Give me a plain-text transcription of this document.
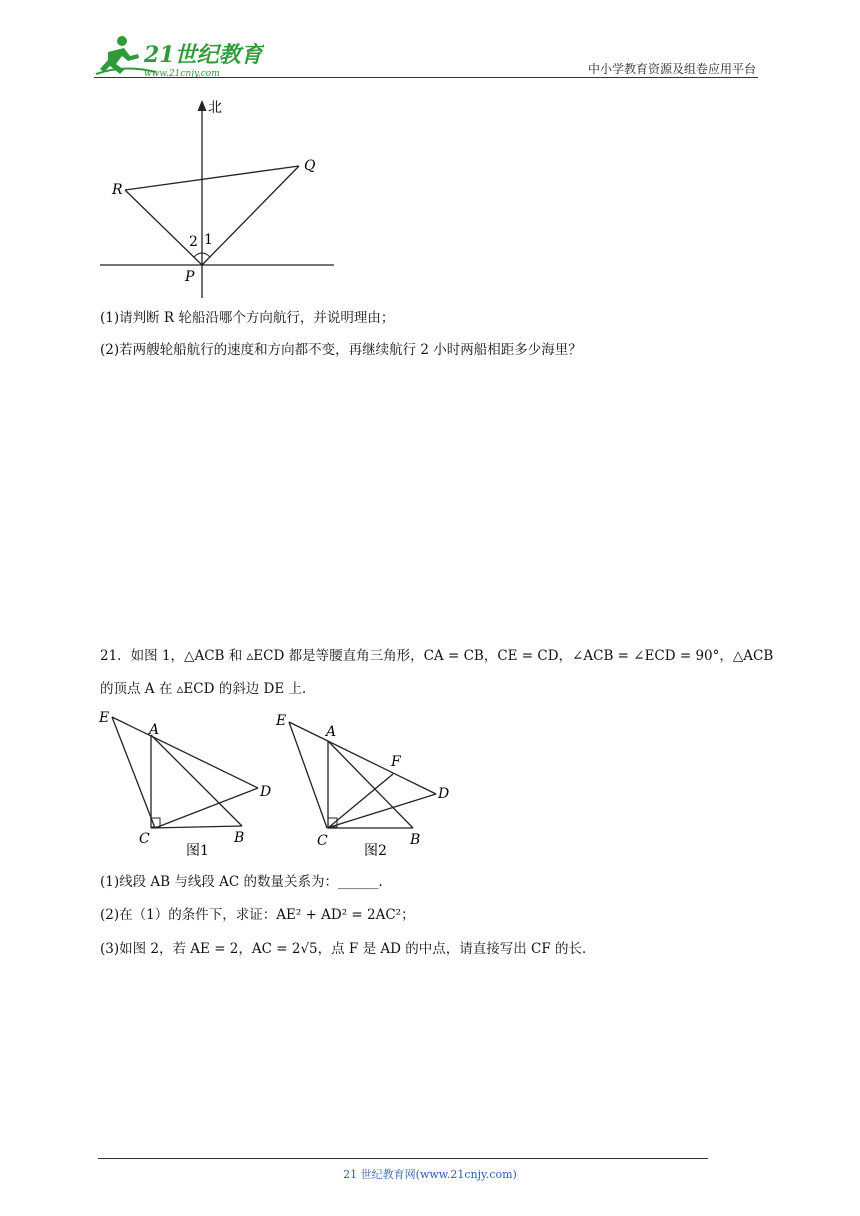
21世纪教育
www.21cnjy.com	中小学教育资源及组卷应用平台
北
R
Q
P
2 1
(1)请判断 R 轮船沿哪个方向航行，并说明理由；
(2)若两艘轮船航行的速度和方向都不变，再继续航行 2 小时两船相距多少海里？
21．如图 1，△ACB 和 ▵ECD 都是等腰直角三角形，CA = CB，CE = CD，∠ACB = ∠ECD = 90°，△ACB
的顶点 A 在 ▵ECD 的斜边 DE 上．
E
A
D
C	B
图1
E
A
F
D
C	B
图2
(1)线段 AB 与线段 AC 的数量关系为：______．
(2)在（1）的条件下，求证：AE² + AD² = 2AC²；
(3)如图 2，若 AE = 2，AC = 2√5，点 F 是 AD 的中点，请直接写出 CF 的长．
21 世纪教育网(www.21cnjy.com)
